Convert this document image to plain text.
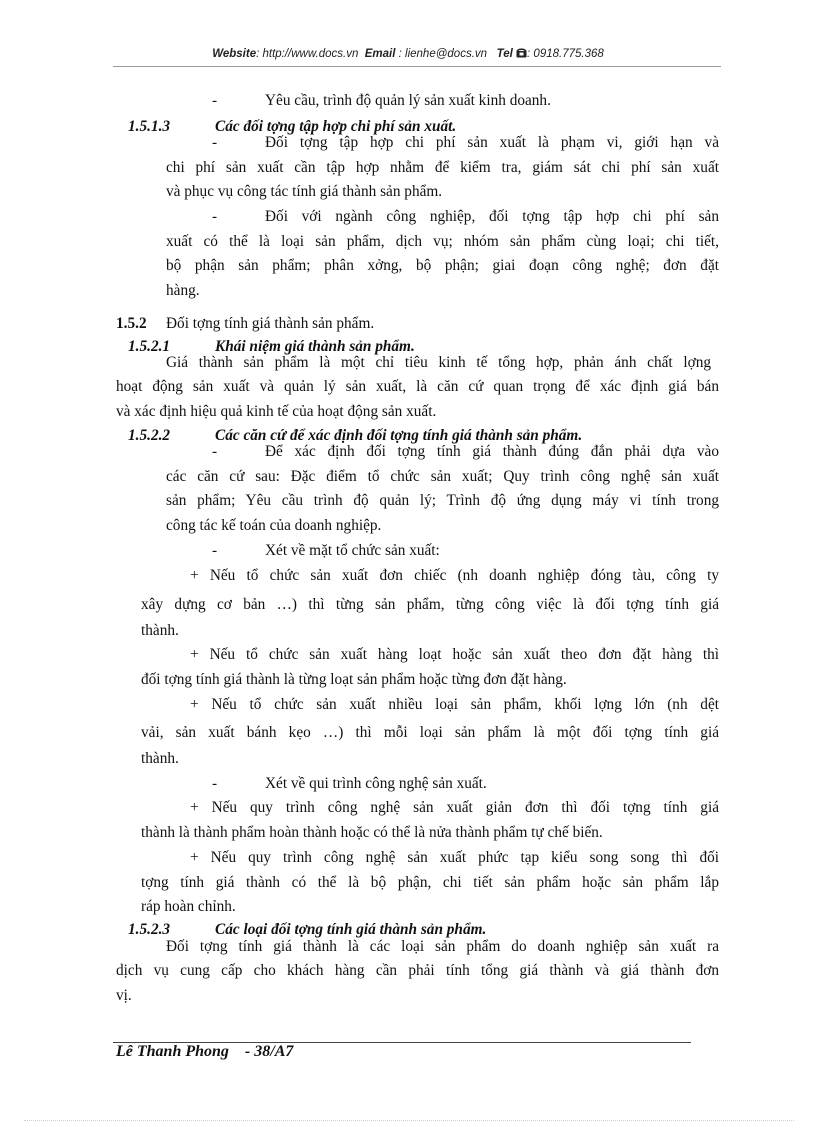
Website: http://www.docs.vn Email : lienhe@docs.vn Tel : 0918.775.368
-	Yêu cầu, trình độ quản lý sản xuất kinh doanh.
1.5.1.3	Các đối tợng tập hợp chi phí sản xuất.
-	Đối tợng tập hợp chi phí sản xuất là phạm vi, giới hạn và
chi phí sản xuất cần tập hợp nhằm để kiểm tra, giám sát chi phí sản xuất
và phục vụ công tác tính giá thành sản phẩm.
-	Đối với ngành công nghiệp, đối tợng tập hợp chi phí sản
xuất có thể là loại sản phẩm, dịch vụ; nhóm sản phẩm cùng loại; chi tiết,
bộ phận sản phẩm; phân xởng, bộ phận; giai đoạn công nghệ; đơn đặt
hàng.
1.5.2 Đối tợng tính giá thành sản phẩm.
1.5.2.1	Khái niệm giá thành sản phẩm.
Giá thành sản phẩm là một chỉ tiêu kinh tế tổng hợp, phản ánh chất lợng
hoạt động sản xuất và quản lý sản xuất, là căn cứ quan trọng để xác định giá bán
và xác định hiệu quả kinh tế của hoạt động sản xuất.
1.5.2.2	Các căn cứ để xác định đối tợng tính giá thành sản phẩm.
-	Để xác định đối tợng tính giá thành đúng đắn phải dựa vào
các căn cứ sau: Đặc điểm tổ chức sản xuất; Quy trình công nghệ sản xuất
sản phẩm; Yêu cầu trình độ quản lý; Trình độ ứng dụng máy vi tính trong
công tác kế toán của doanh nghiệp.
-	Xét về mặt tổ chức sản xuất:
+ Nếu tổ chức sản xuất đơn chiếc (nh doanh nghiệp đóng tàu, công ty
xây dựng cơ bản …) thì từng sản phẩm, từng công việc là đối tợng tính giá
thành.
+ Nếu tổ chức sản xuất hàng loạt hoặc sản xuất theo đơn đặt hàng thì
đối tợng tính giá thành là từng loạt sản phẩm hoặc từng đơn đặt hàng.
+ Nếu tổ chức sản xuất nhiều loại sản phẩm, khối lợng lớn (nh dệt
vải, sản xuất bánh kẹo …) thì mỗi loại sản phẩm là một đối tợng tính giá
thành.
-	Xét về qui trình công nghệ sản xuất.
+ Nếu quy trình công nghệ sản xuất giản đơn thì đối tợng tính giá
thành là thành phẩm hoàn thành hoặc có thể là nửa thành phẩm tự chế biến.
+ Nếu quy trình công nghệ sản xuất phức tạp kiểu song song thì đối
tợng tính giá thành có thể là bộ phận, chi tiết sản phẩm hoặc sản phẩm lắp
ráp hoàn chỉnh.
1.5.2.3	Các loại đối tợng tính giá thành sản phẩm.
Đối tợng tính giá thành là các loại sản phẩm do doanh nghiệp sản xuất ra
dịch vụ cung cấp cho khách hàng cần phải tính tổng giá thành và giá thành đơn
vị.
Lê Thanh Phong - 38/A7
